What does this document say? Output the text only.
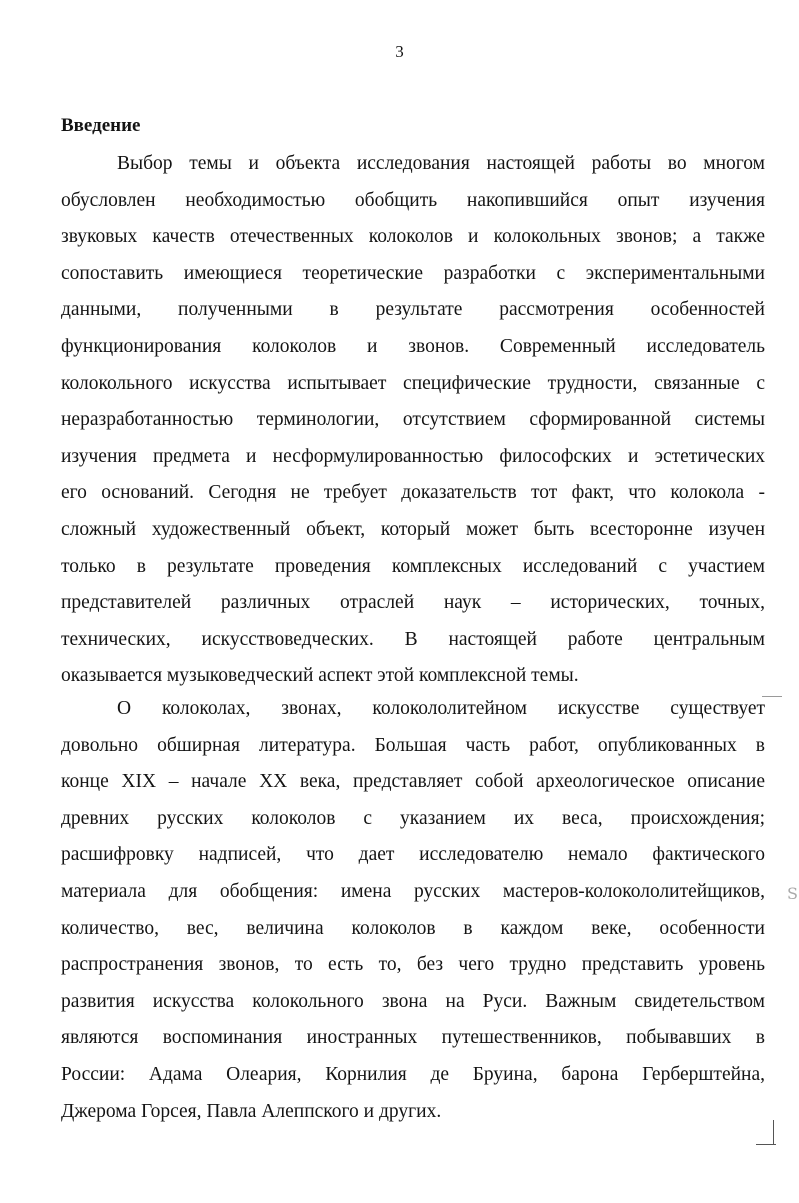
3
Введение
Выбор темы и объекта исследования настоящей работы во многом
обусловлен необходимостью обобщить накопившийся опыт изучения
звуковых качеств отечественных колоколов и колокольных звонов; а также
сопоставить имеющиеся теоретические разработки с экспериментальными
данными, полученными в результате рассмотрения особенностей
функционирования колоколов и звонов. Современный исследователь
колокольного искусства испытывает специфические трудности, связанные с
неразработанностью терминологии, отсутствием сформированной системы
изучения предмета и несформулированностью философских и эстетических
его оснований. Сегодня не требует доказательств тот факт, что колокола -
сложный художественный объект, который может быть всесторонне изучен
только в результате проведения комплексных исследований с участием
представителей различных отраслей наук – исторических, точных,
технических, искусствоведческих. В настоящей работе центральным
оказывается музыковедческий аспект этой комплексной темы.
О колоколах, звонах, колокололитейном искусстве существует
довольно обширная литература. Большая часть работ, опубликованных в
конце XIX – начале XX века, представляет собой археологическое описание
древних русских колоколов с указанием их веса, происхождения;
расшифровку надписей, что дает исследователю немало фактического
материала для обобщения: имена русских мастеров-колокололитейщиков,
количество, вес, величина колоколов в каждом веке, особенности
распространения звонов, то есть то, без чего трудно представить уровень
развития искусства колокольного звона на Руси. Важным свидетельством
являются воспоминания иностранных путешественников, побывавших в
России: Адама Олеария, Корнилия де Бруина, барона Герберштейна,
Джерома Горсея, Павла Алеппского и других.
S
